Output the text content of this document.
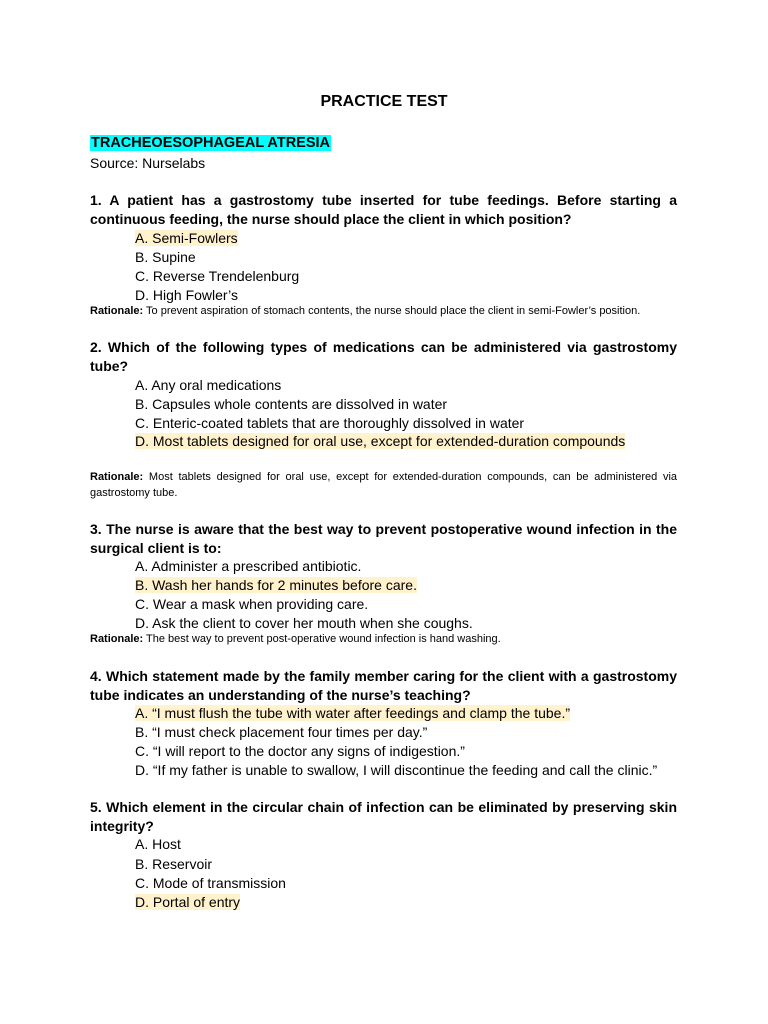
PRACTICE TEST
TRACHEOESOPHAGEAL ATRESIA
Source: Nurselabs
1. A patient has a gastrostomy tube inserted for tube feedings. Before starting a continuous feeding, the nurse should place the client in which position?
A. Semi-Fowlers
B. Supine
C. Reverse Trendelenburg
D. High Fowler’s
Rationale: To prevent aspiration of stomach contents, the nurse should place the client in semi-Fowler’s position.
2. Which of the following types of medications can be administered via gastrostomy tube?
A. Any oral medications
B. Capsules whole contents are dissolved in water
C. Enteric-coated tablets that are thoroughly dissolved in water
D. Most tablets designed for oral use, except for extended-duration compounds
Rationale: Most tablets designed for oral use, except for extended-duration compounds, can be administered via gastrostomy tube.
3. The nurse is aware that the best way to prevent postoperative wound infection in the surgical client is to:
A. Administer a prescribed antibiotic.
B. Wash her hands for 2 minutes before care.
C. Wear a mask when providing care.
D. Ask the client to cover her mouth when she coughs.
Rationale: The best way to prevent post-operative wound infection is hand washing.
4. Which statement made by the family member caring for the client with a gastrostomy tube indicates an understanding of the nurse’s teaching?
A. “I must flush the tube with water after feedings and clamp the tube.”
B. “I must check placement four times per day.”
C. “I will report to the doctor any signs of indigestion.”
D. “If my father is unable to swallow, I will discontinue the feeding and call the clinic.”
5. Which element in the circular chain of infection can be eliminated by preserving skin integrity?
A. Host
B. Reservoir
C. Mode of transmission
D. Portal of entry
